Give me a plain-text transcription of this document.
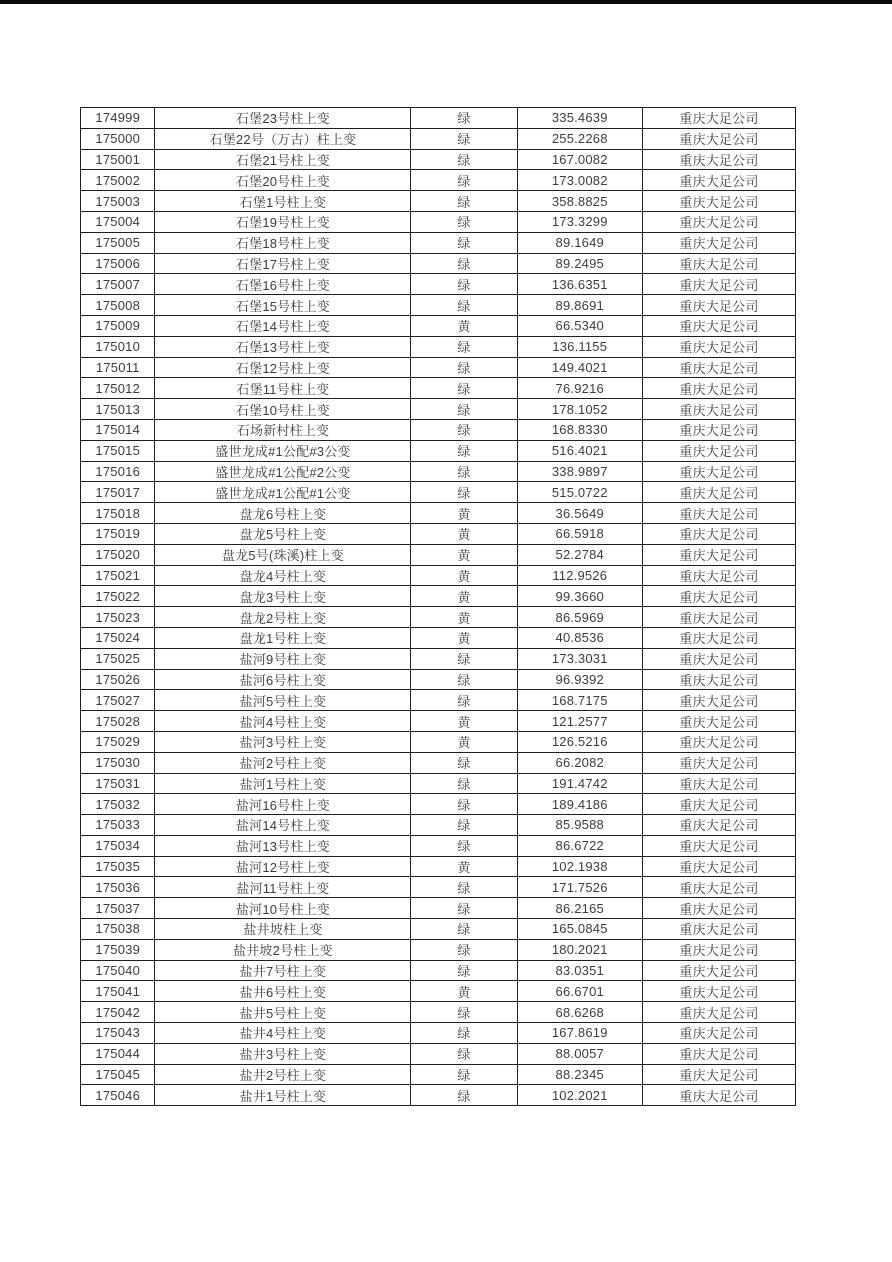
174999	石堡23号柱上变	绿	335.4639	重庆大足公司
175000	石堡22号（万古）柱上变	绿	255.2268	重庆大足公司
175001	石堡21号柱上变	绿	167.0082	重庆大足公司
175002	石堡20号柱上变	绿	173.0082	重庆大足公司
175003	石堡1号柱上变	绿	358.8825	重庆大足公司
175004	石堡19号柱上变	绿	173.3299	重庆大足公司
175005	石堡18号柱上变	绿	89.1649	重庆大足公司
175006	石堡17号柱上变	绿	89.2495	重庆大足公司
175007	石堡16号柱上变	绿	136.6351	重庆大足公司
175008	石堡15号柱上变	绿	89.8691	重庆大足公司
175009	石堡14号柱上变	黄	66.5340	重庆大足公司
175010	石堡13号柱上变	绿	136.1155	重庆大足公司
175011	石堡12号柱上变	绿	149.4021	重庆大足公司
175012	石堡11号柱上变	绿	76.9216	重庆大足公司
175013	石堡10号柱上变	绿	178.1052	重庆大足公司
175014	石场新村柱上变	绿	168.8330	重庆大足公司
175015	盛世龙成#1公配#3公变	绿	516.4021	重庆大足公司
175016	盛世龙成#1公配#2公变	绿	338.9897	重庆大足公司
175017	盛世龙成#1公配#1公变	绿	515.0722	重庆大足公司
175018	盘龙6号柱上变	黄	36.5649	重庆大足公司
175019	盘龙5号柱上变	黄	66.5918	重庆大足公司
175020	盘龙5号(珠溪)柱上变	黄	52.2784	重庆大足公司
175021	盘龙4号柱上变	黄	112.9526	重庆大足公司
175022	盘龙3号柱上变	黄	99.3660	重庆大足公司
175023	盘龙2号柱上变	黄	86.5969	重庆大足公司
175024	盘龙1号柱上变	黄	40.8536	重庆大足公司
175025	盐河9号柱上变	绿	173.3031	重庆大足公司
175026	盐河6号柱上变	绿	96.9392	重庆大足公司
175027	盐河5号柱上变	绿	168.7175	重庆大足公司
175028	盐河4号柱上变	黄	121.2577	重庆大足公司
175029	盐河3号柱上变	黄	126.5216	重庆大足公司
175030	盐河2号柱上变	绿	66.2082	重庆大足公司
175031	盐河1号柱上变	绿	191.4742	重庆大足公司
175032	盐河16号柱上变	绿	189.4186	重庆大足公司
175033	盐河14号柱上变	绿	85.9588	重庆大足公司
175034	盐河13号柱上变	绿	86.6722	重庆大足公司
175035	盐河12号柱上变	黄	102.1938	重庆大足公司
175036	盐河11号柱上变	绿	171.7526	重庆大足公司
175037	盐河10号柱上变	绿	86.2165	重庆大足公司
175038	盐井坡柱上变	绿	165.0845	重庆大足公司
175039	盐井坡2号柱上变	绿	180.2021	重庆大足公司
175040	盐井7号柱上变	绿	83.0351	重庆大足公司
175041	盐井6号柱上变	黄	66.6701	重庆大足公司
175042	盐井5号柱上变	绿	68.6268	重庆大足公司
175043	盐井4号柱上变	绿	167.8619	重庆大足公司
175044	盐井3号柱上变	绿	88.0057	重庆大足公司
175045	盐井2号柱上变	绿	88.2345	重庆大足公司
175046	盐井1号柱上变	绿	102.2021	重庆大足公司
